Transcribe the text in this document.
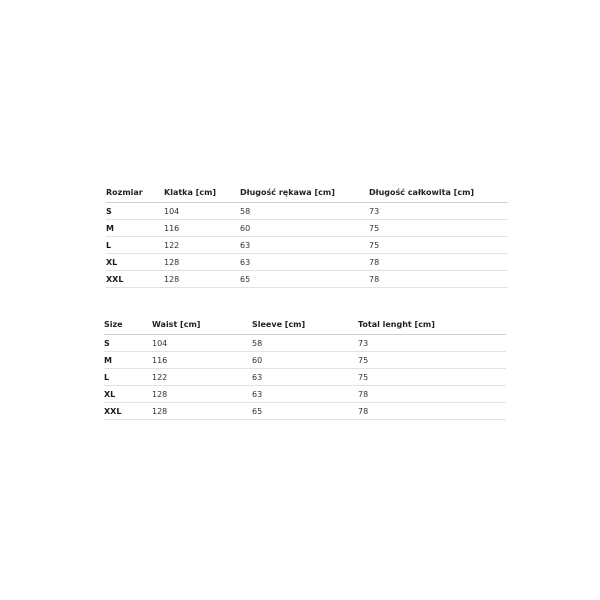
Rozmiar	Klatka [cm]	Długość rękawa [cm]	Długość całkowita [cm]
S	104	58	73
M	116	60	75
L	122	63	75
XL	128	63	78
XXL	128	65	78
Size	Waist [cm]	Sleeve [cm]	Total lenght [cm]
S	104	58	73
M	116	60	75
L	122	63	75
XL	128	63	78
XXL	128	65	78
